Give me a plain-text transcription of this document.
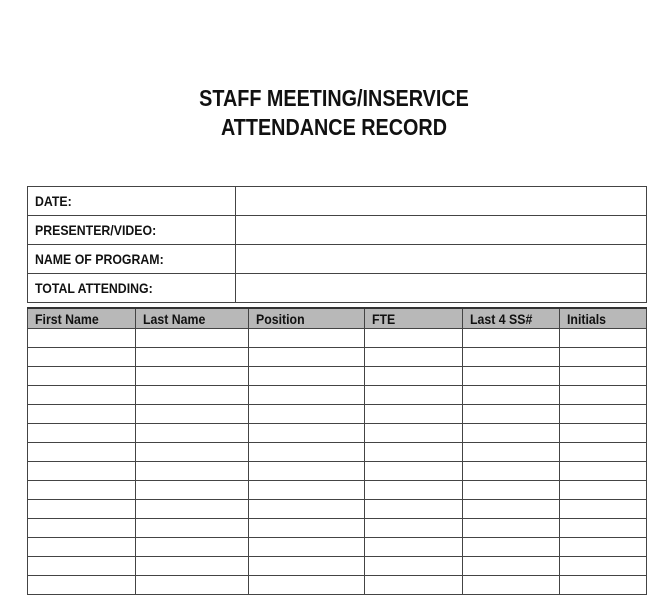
STAFF MEETING/INSERVICE
ATTENDANCE RECORD
DATE:	
PRESENTER/VIDEO:	
NAME OF PROGRAM:	
TOTAL ATTENDING:	
First Name	Last Name	Position	FTE	Last 4 SS#	Initials
